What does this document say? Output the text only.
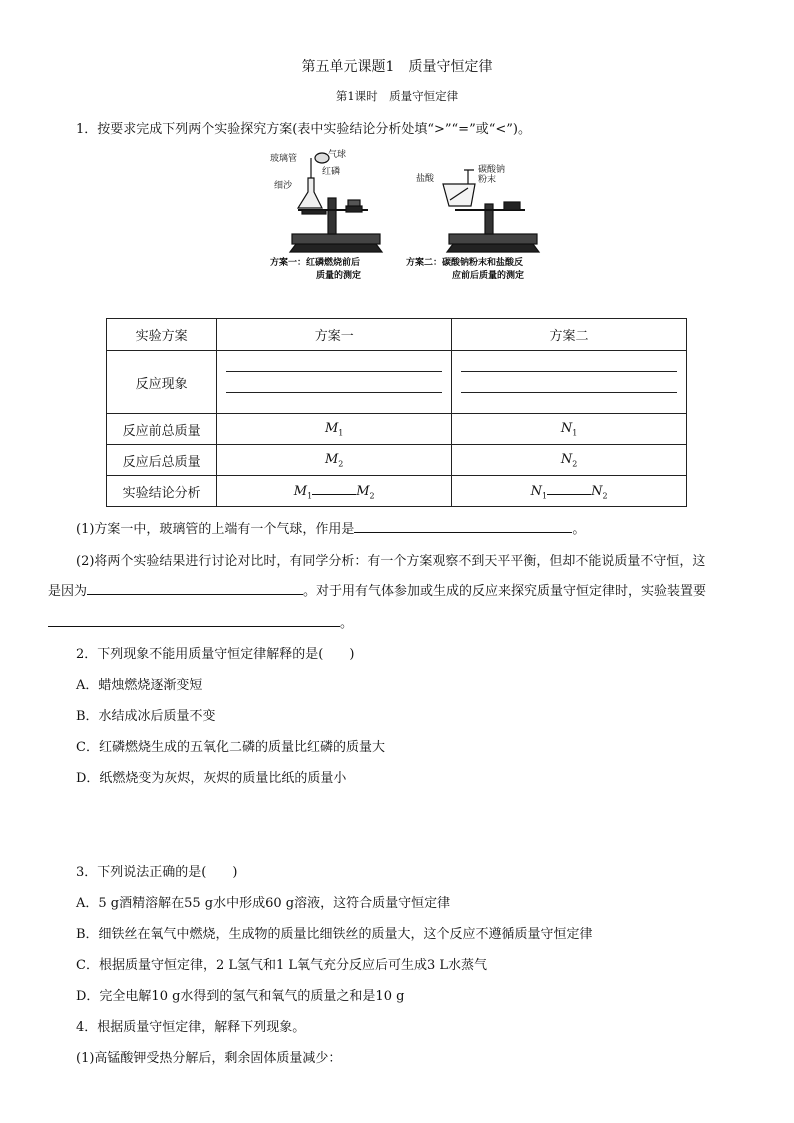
第五单元课题1　质量守恒定律
第1课时　质量守恒定律
1．按要求完成下列两个实验探究方案(表中实验结论分析处填“>”“=”或“<”)。
玻璃管	气球
红磷
细沙
盐酸
碳酸钠
粉末
方案一：红磷燃烧前后
质量的测定
方案二：碳酸钠粉末和盐酸反
应前后质量的测定
实验方案	方案一	方案二
反应现象	

反应前总质量	$M_1$	$N_1$
反应后总质量	$M_2$	$N_2$
实验结论分析	$M_1$ $M_2$	$N_1$ $N_2$
(1)方案一中，玻璃管的上端有一个气球，作用是	。
(2)将两个实验结果进行讨论对比时，有同学分析：有一个方案观察不到天平平衡，但却不能说质量不守恒，这
是因为	。对于用有气体参加或生成的反应来探究质量守恒定律时，实验装置要
。
2．下列现象不能用质量守恒定律解释的是(　　)
A．蜡烛燃烧逐渐变短
B．水结成冰后质量不变
C．红磷燃烧生成的五氧化二磷的质量比红磷的质量大
D．纸燃烧变为灰烬，灰烬的质量比纸的质量小
3．下列说法正确的是(　　)
A．5 g酒精溶解在55 g水中形成60 g溶液，这符合质量守恒定律
B．细铁丝在氧气中燃烧，生成物的质量比细铁丝的质量大，这个反应不遵循质量守恒定律
C．根据质量守恒定律，2 L氢气和1 L氧气充分反应后可生成3 L水蒸气
D．完全电解10 g水得到的氢气和氧气的质量之和是10 g
4．根据质量守恒定律，解释下列现象。
(1)高锰酸钾受热分解后，剩余固体质量减少：
